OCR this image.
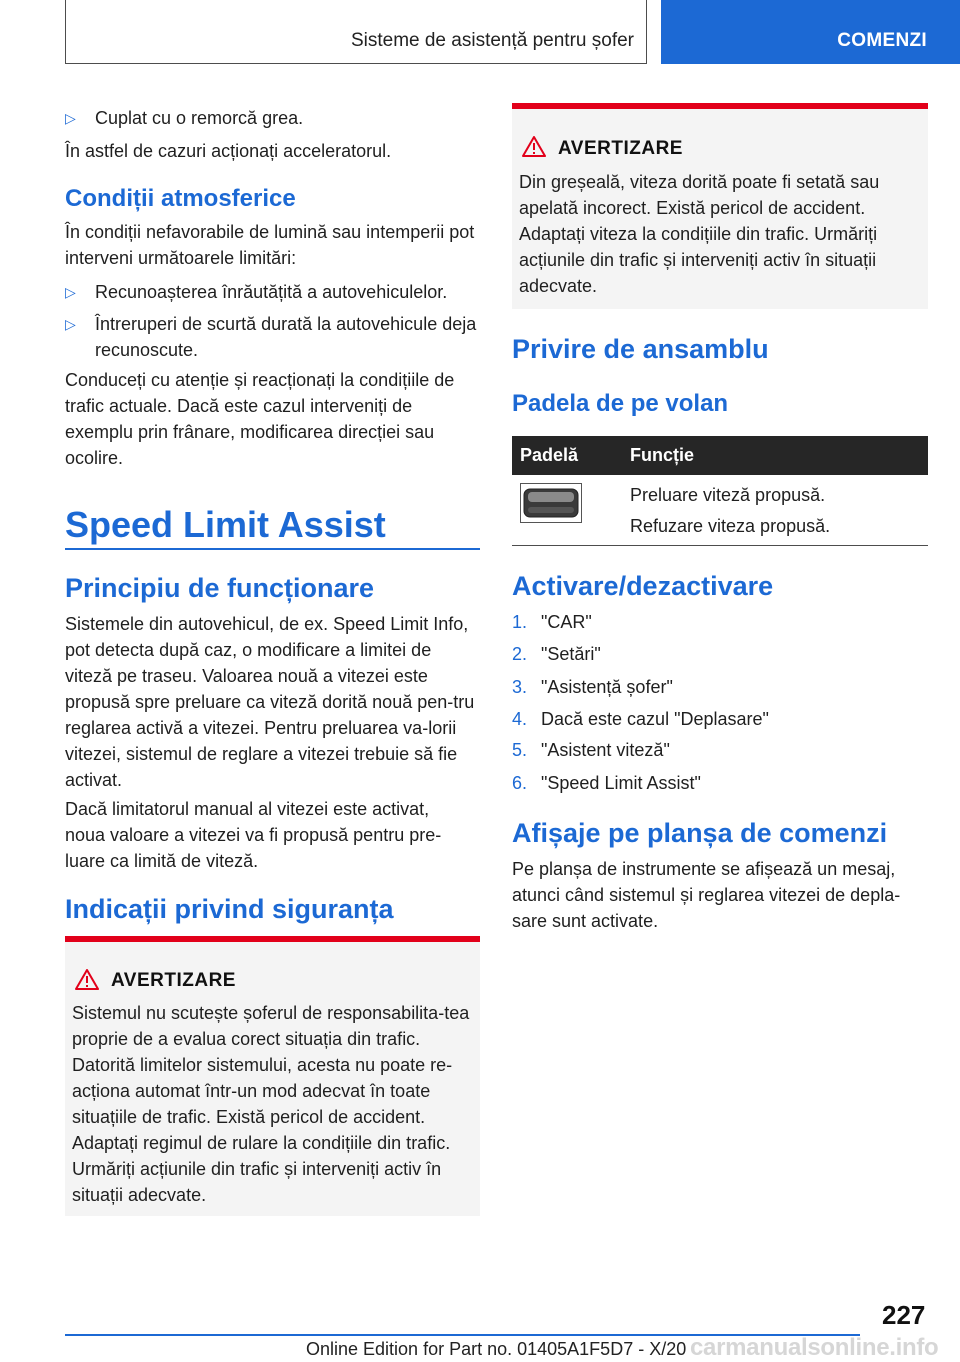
Sisteme de asistență pentru șofer	COMENZI
▷ Cuplat cu o remorcă grea.
În astfel de cazuri acționați acceleratorul.
Condiții atmosferice
În condiții nefavorabile de lumină sau intemperii pot interveni următoarele limitări:
▷ Recunoașterea înrăutățită a autovehiculelor.
▷ Întreruperi de scurtă durată la autovehicule deja recunoscute.
Conduceți cu atenție și reacționați la condițiile de trafic actuale. Dacă este cazul interveniți de exemplu prin frânare, modificarea direcției sau ocolire.
Speed Limit Assist
Principiu de funcționare
Sistemele din autovehicul, de ex. Speed Limit Info, pot detecta după caz, o modificare a limitei de viteză pe traseu. Valoarea nouă a vitezei este propusă spre preluare ca viteză dorită nouă pen-tru reglarea activă a vitezei. Pentru preluarea va-lorii vitezei, sistemul de reglare a vitezei trebuie să fie activat.
Dacă limitatorul manual al vitezei este activat, noua valoare a vitezei va fi propusă pentru pre-luare ca limită de viteză.
Indicații privind siguranța
AVERTIZARE
Sistemul nu scutește șoferul de responsabilita-tea proprie de a evalua corect situația din trafic. Datorită limitelor sistemului, acesta nu poate re-acționa automat într-un mod adecvat în toate situațiile de trafic. Există pericol de accident. Adaptați regimul de rulare la condițiile din trafic. Urmăriți acțiunile din trafic și interveniți activ în situații adecvate.
AVERTIZARE
Din greșeală, viteza dorită poate fi setată sau apelată incorect. Există pericol de accident. Adaptați viteza la condițiile din trafic. Urmăriți acțiunile din trafic și interveniți activ în situații adecvate.
Privire de ansamblu
Padela de pe volan
Padelă	Funcție
Preluare viteză propusă.
Refuzare viteza propusă.
Activare/dezactivare
1. "CAR"
2. "Setări"
3. "Asistență șofer"
4. Dacă este cazul "Deplasare"
5. "Asistent viteză"
6. "Speed Limit Assist"
Afișaje pe planșa de comenzi
Pe planșa de instrumente se afișează un mesaj, atunci când sistemul și reglarea vitezei de depla-sare sunt activate.
227
Online Edition for Part no. 01405A1F5D7 - X/20 carmanualsonline.info
